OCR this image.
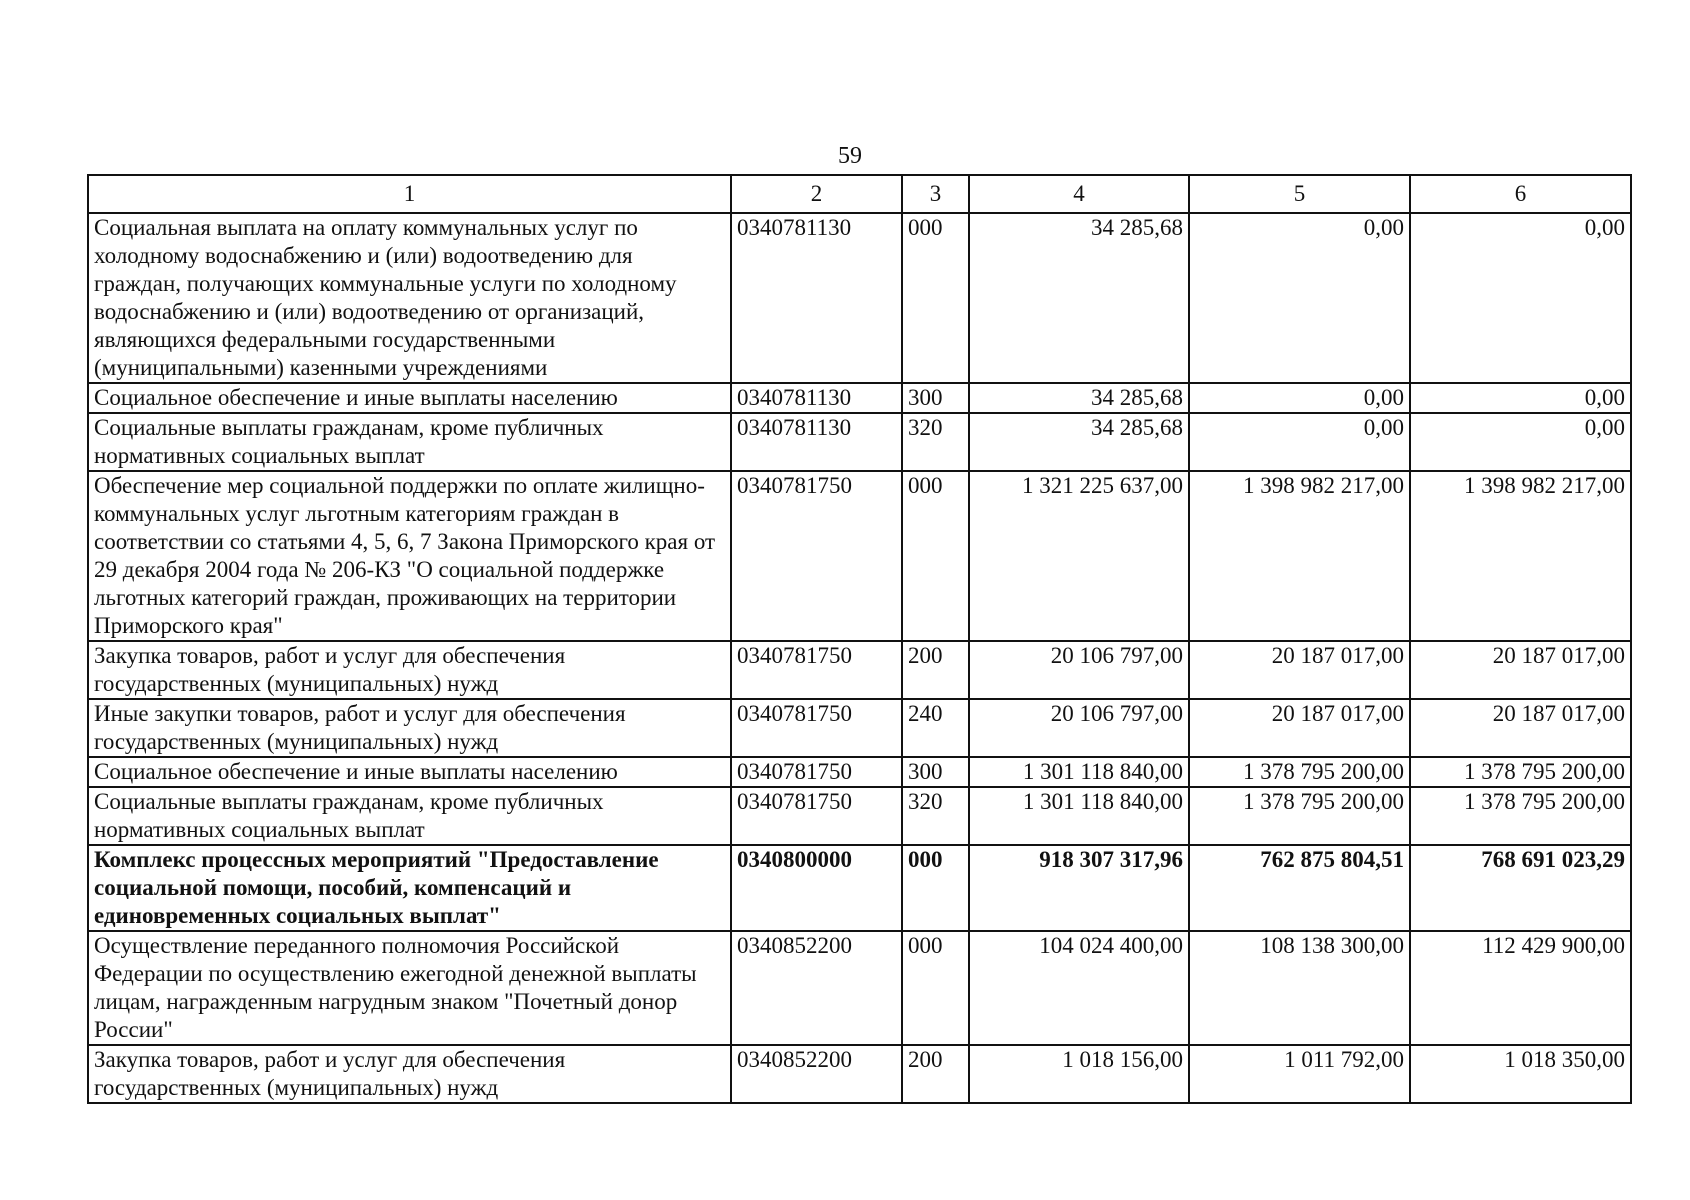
59
1	2	3	4	5	6
Социальная выплата на оплату коммунальных услуг по холодному водоснабжению и (или) водоотведению для граждан, получающих коммунальные услуги по холодному водоснабжению и (или) водоотведению от организаций, являющихся федеральными государственными (муниципальными) казенными учреждениями	0340781130	000	34 285,68	0,00	0,00
Социальное обеспечение и иные выплаты населению	0340781130	300	34 285,68	0,00	0,00
Социальные выплаты гражданам, кроме публичных нормативных социальных выплат	0340781130	320	34 285,68	0,00	0,00
Обеспечение мер социальной поддержки по оплате жилищно-коммунальных услуг льготным категориям граждан в соответствии со статьями 4, 5, 6, 7 Закона Приморского края от 29 декабря 2004 года № 206-КЗ "О социальной поддержке льготных категорий граждан, проживающих на территории Приморского края"	0340781750	000	1 321 225 637,00	1 398 982 217,00	1 398 982 217,00
Закупка товаров, работ и услуг для обеспечения государственных (муниципальных) нужд	0340781750	200	20 106 797,00	20 187 017,00	20 187 017,00
Иные закупки товаров, работ и услуг для обеспечения государственных (муниципальных) нужд	0340781750	240	20 106 797,00	20 187 017,00	20 187 017,00
Социальное обеспечение и иные выплаты населению	0340781750	300	1 301 118 840,00	1 378 795 200,00	1 378 795 200,00
Социальные выплаты гражданам, кроме публичных нормативных социальных выплат	0340781750	320	1 301 118 840,00	1 378 795 200,00	1 378 795 200,00
Комплекс процессных мероприятий "Предоставление социальной помощи, пособий, компенсаций и единовременных социальных выплат"	0340800000	000	918 307 317,96	762 875 804,51	768 691 023,29
Осуществление переданного полномочия Российской Федерации по осуществлению ежегодной денежной выплаты лицам, награжденным нагрудным знаком "Почетный донор России"	0340852200	000	104 024 400,00	108 138 300,00	112 429 900,00
Закупка товаров, работ и услуг для обеспечения государственных (муниципальных) нужд	0340852200	200	1 018 156,00	1 011 792,00	1 018 350,00
